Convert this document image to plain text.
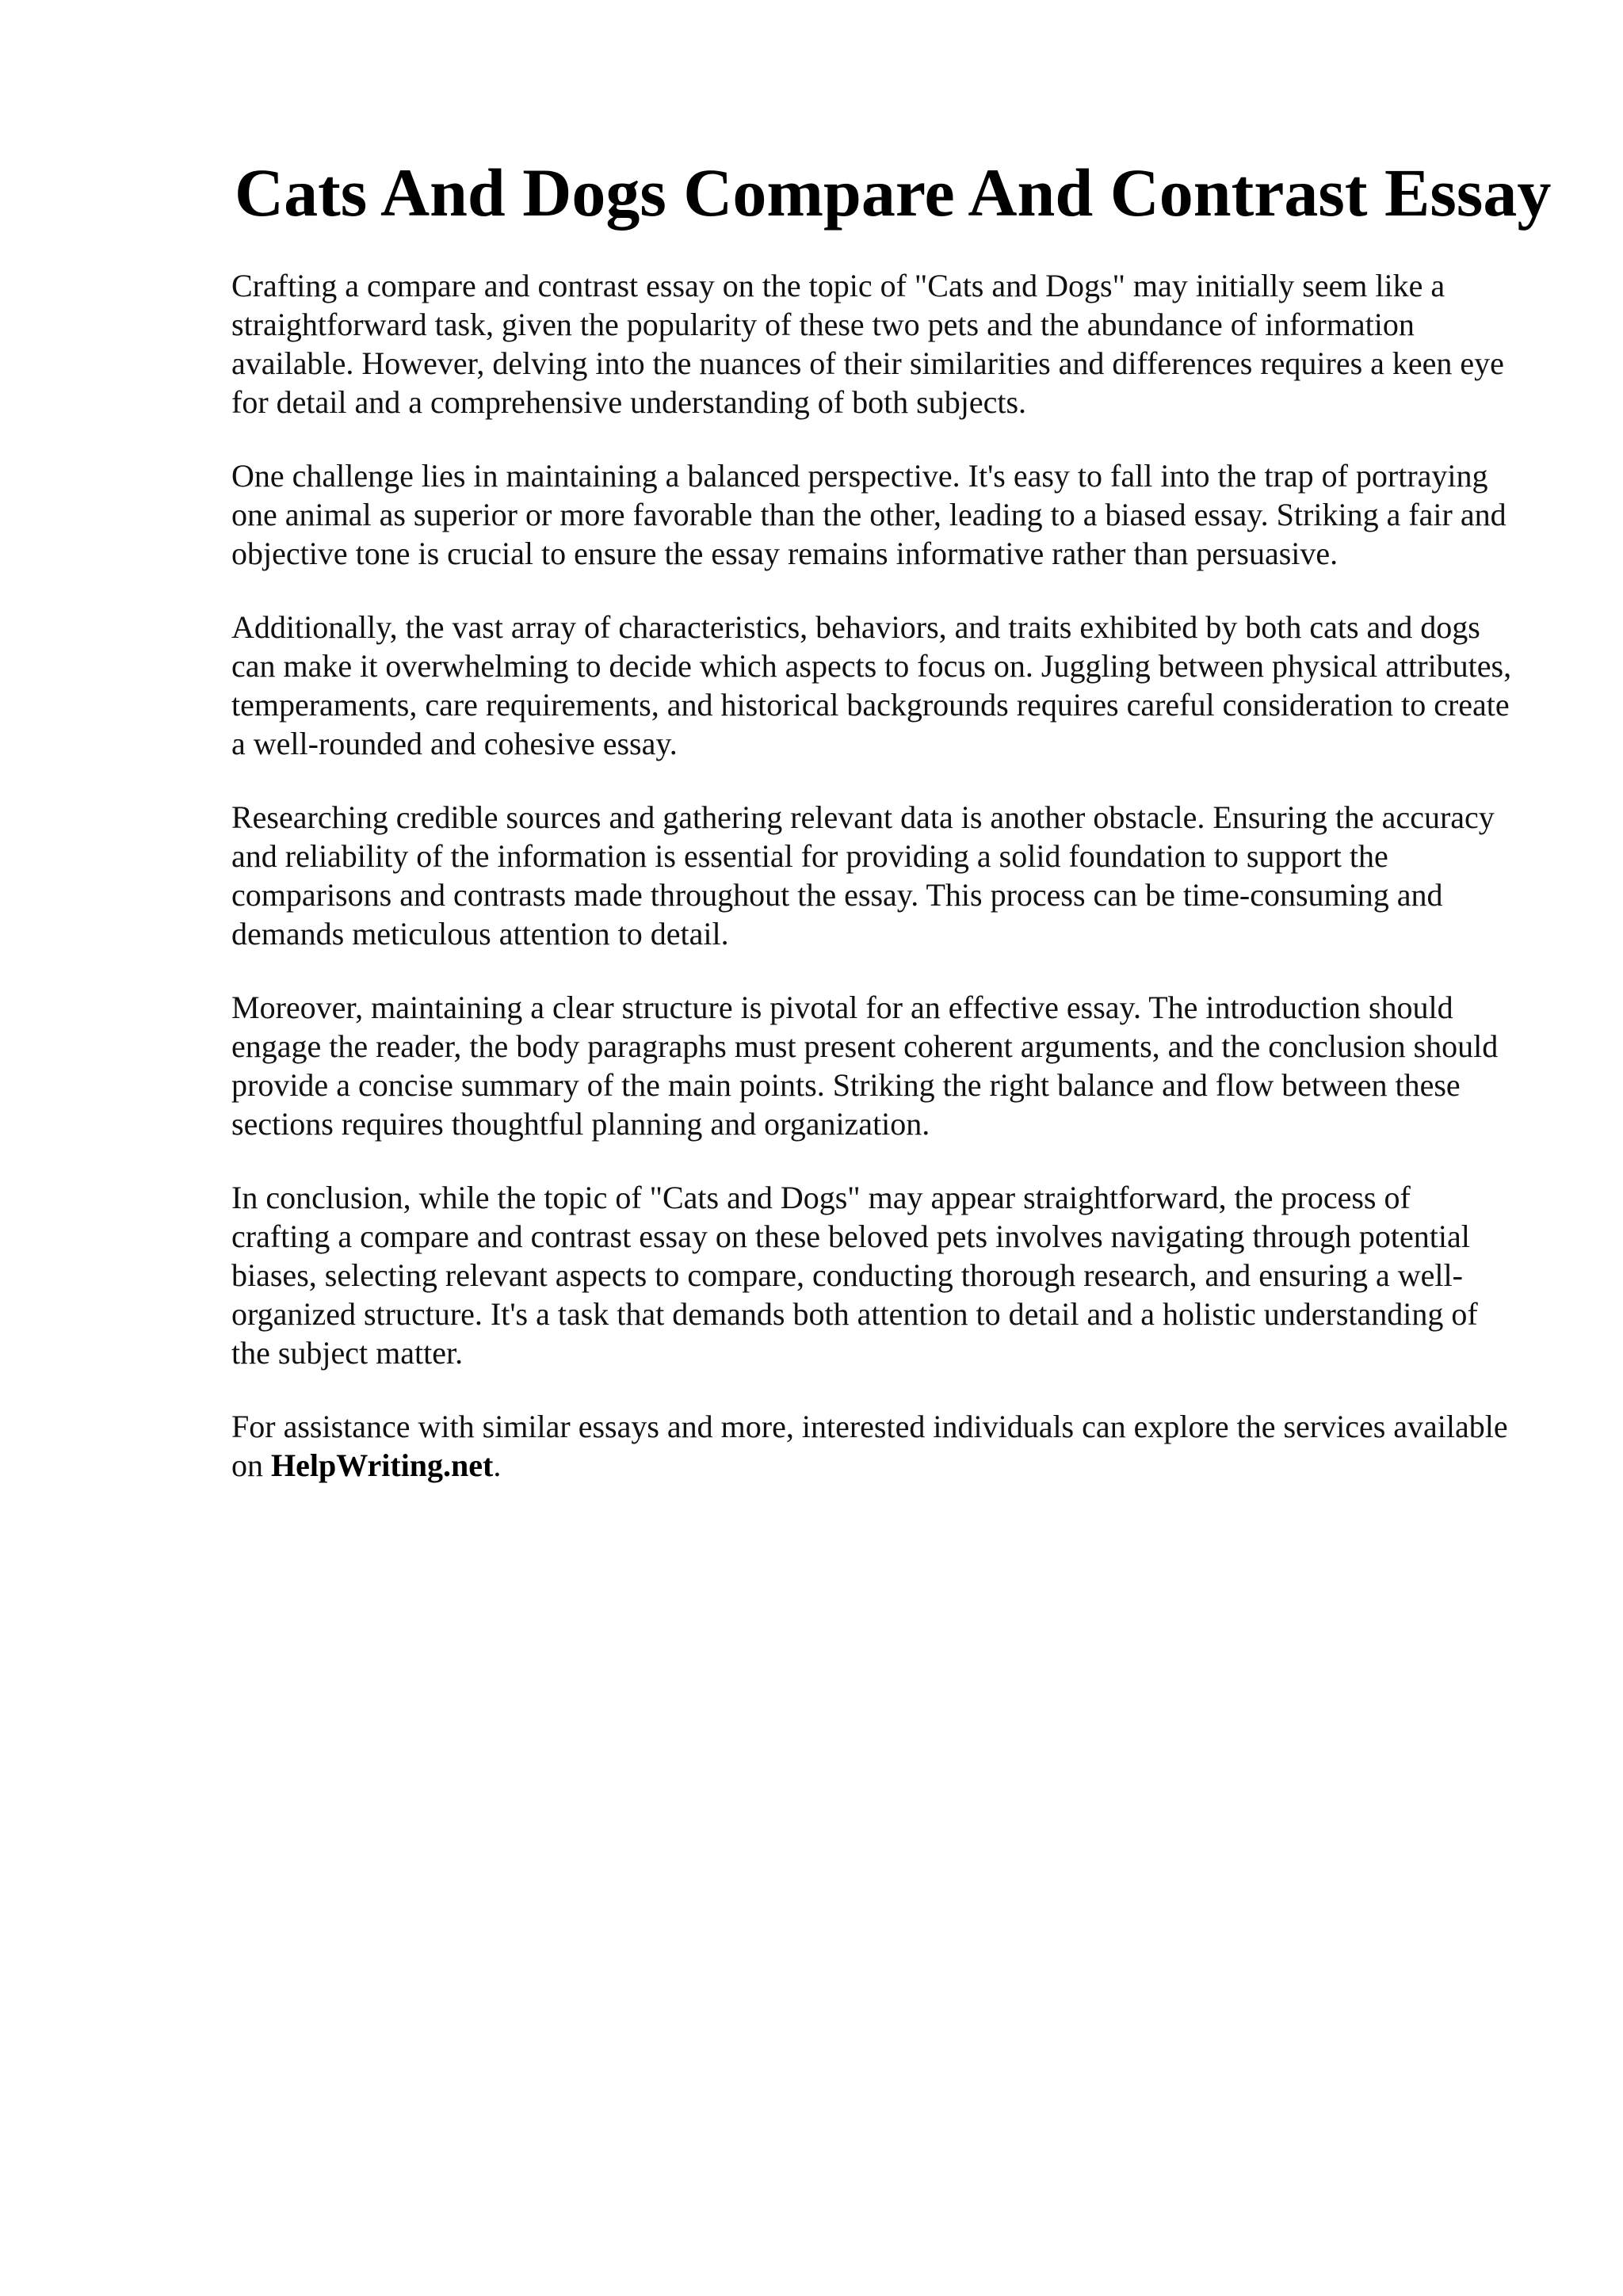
Cats And Dogs Compare And Contrast Essay

Crafting a compare and contrast essay on the topic of "Cats and Dogs" may initially seem like a straightforward task, given the popularity of these two pets and the abundance of information available. However, delving into the nuances of their similarities and differences requires a keen eye for detail and a comprehensive understanding of both subjects.

One challenge lies in maintaining a balanced perspective. It's easy to fall into the trap of portraying one animal as superior or more favorable than the other, leading to a biased essay. Striking a fair and objective tone is crucial to ensure the essay remains informative rather than persuasive.

Additionally, the vast array of characteristics, behaviors, and traits exhibited by both cats and dogs can make it overwhelming to decide which aspects to focus on. Juggling between physical attributes, temperaments, care requirements, and historical backgrounds requires careful consideration to create a well-rounded and cohesive essay.

Researching credible sources and gathering relevant data is another obstacle. Ensuring the accuracy and reliability of the information is essential for providing a solid foundation to support the comparisons and contrasts made throughout the essay. This process can be time-consuming and demands meticulous attention to detail.

Moreover, maintaining a clear structure is pivotal for an effective essay. The introduction should engage the reader, the body paragraphs must present coherent arguments, and the conclusion should provide a concise summary of the main points. Striking the right balance and flow between these sections requires thoughtful planning and organization.

In conclusion, while the topic of "Cats and Dogs" may appear straightforward, the process of crafting a compare and contrast essay on these beloved pets involves navigating through potential biases, selecting relevant aspects to compare, conducting thorough research, and ensuring a well-organized structure. It's a task that demands both attention to detail and a holistic understanding of the subject matter.

For assistance with similar essays and more, interested individuals can explore the services available on HelpWriting.net.
